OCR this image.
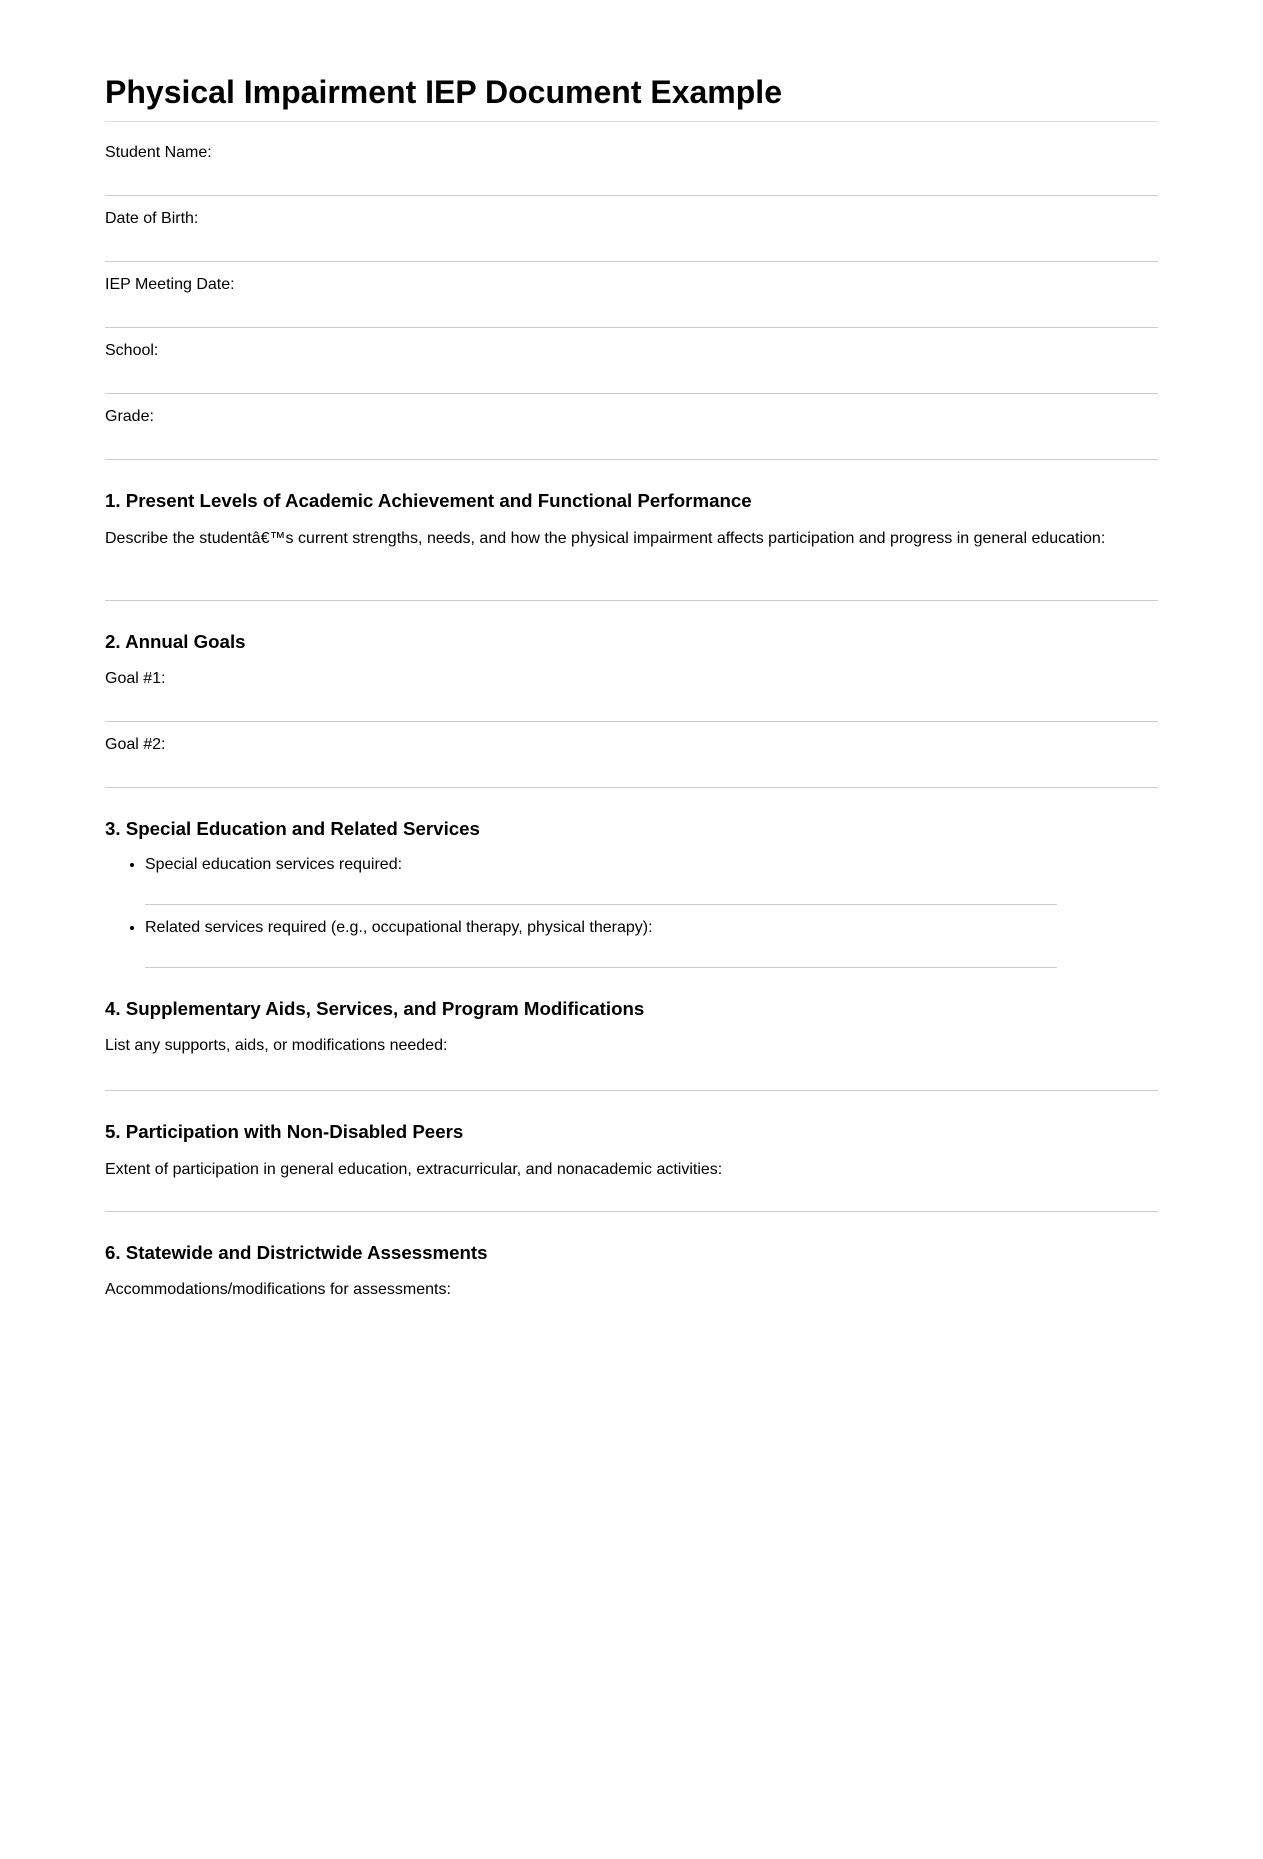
Physical Impairment IEP Document Example
Student Name:
Date of Birth:
IEP Meeting Date:
School:
Grade:
1. Present Levels of Academic Achievement and Functional Performance
Describe the studentâ€™s current strengths, needs, and how the physical impairment affects participation and progress in general education:
2. Annual Goals
Goal #1:
Goal #2:
3. Special Education and Related Services
• Special education services required:
• Related services required (e.g., occupational therapy, physical therapy):
4. Supplementary Aids, Services, and Program Modifications
List any supports, aids, or modifications needed:
5. Participation with Non-Disabled Peers
Extent of participation in general education, extracurricular, and nonacademic activities:
6. Statewide and Districtwide Assessments
Accommodations/modifications for assessments:
